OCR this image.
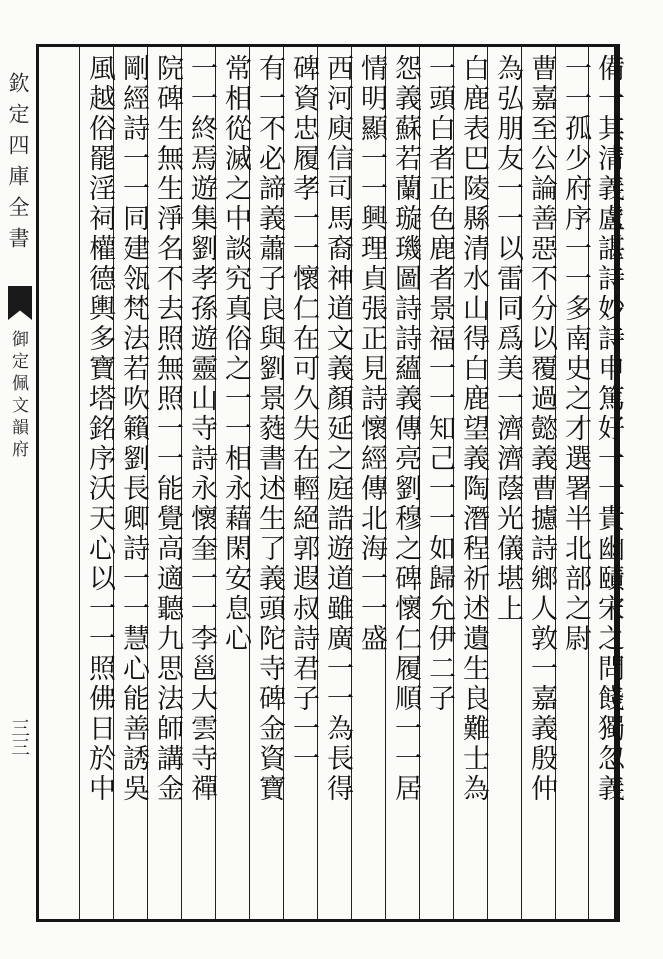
欽定四庫全書
御定佩文韻府
三三	備一其清義盧諶詩妙詩申篤好一一貴幽賾宋之問餞獨忽義
一一孤少府序一一多南史之才選署半北部之尉
曹嘉至公論善惡不分以覆過懿義曹攄詩鄉人敦一嘉義殷仲
為弘朋友一一以雷同爲美一濟濟蔭光儀堪上
白鹿表巴陵縣清水山得白鹿望義陶潛程祈述遺生良難士為
一頭白者正色鹿者景福一一知己一一如歸允伊二子
怨義蘇若蘭璇璣圖詩詩蘊義傳亮劉穆之碑懷仁履順一一居
情明顯一一興理貞張正見詩懷經傳北海一一盛
西河庾信司馬裔神道文義顏延之庭誥遊道雖廣一一為長得
碑資忠履孝一一懷仁在可久失在輕絕郭遐叔詩君子一一
有一不必諦義蕭子良與劉景蕤書述生了義頭陀寺碑金資寶
常相從滅之中談究真俗之一一相永藉閑安息心
一一終焉遊集劉孝孫遊靈山寺詩永懷奎一一李邕大雲寺禪
院碑生無生淨名不去照無照一一能覺高適聽九思法師講金
剛經詩一一同建瓴梵法若吹籟劉長卿詩一一慧心能善誘吳
風越俗罷淫祠權德輿多寶塔銘序沃天心以一一照佛日於中
